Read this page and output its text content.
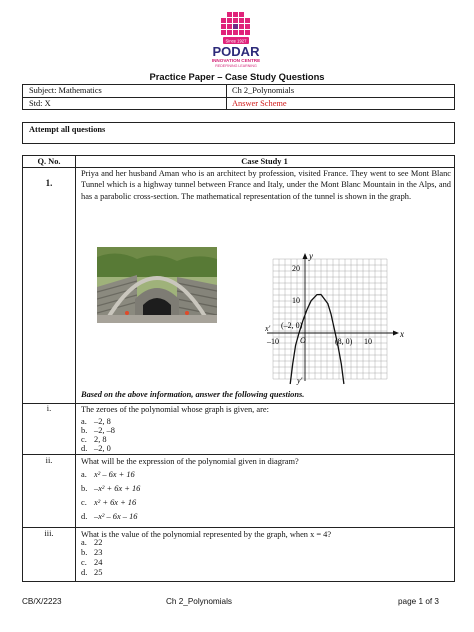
Since 1927
PODAR
INNOVATION CENTRE
REDEFINING LEARNING
Practice Paper – Case Study Questions
Subject: Mathematics	Ch 2_Polynomials
Std: X	Answer Scheme
Attempt all questions
Q. No.	Case Study 1
1.
Priya and her husband Aman who is an architect by profession, visited France. They went to see Mont Blanc Tunnel which is a highway tunnel between France and Italy, under the Mont Blanc Mountain in the Alps, and has a parabolic cross-section. The mathematical representation of the tunnel is shown in the graph.
Based on the above information, answer the following questions.
i.	The zeroes of the polynomial whose graph is given, are:
a. –2, 8
b. –2, –8
c. 2, 8
d. –2, 0
ii.	What will be the expression of the polynomial given in diagram?
a. x² – 6x + 16
b. –x² + 6x + 16
c. x² + 6x + 16
d. –x² – 6x – 16
iii.	What is the value of the polynomial represented by the graph, when x = 4?
a. 22
b. 23
c. 24
d. 25
y
y'
x
x'
O
20
10
–10	10
(–2, 0)
(8, 0)
CB/X/2223	Ch 2_Polynomials	page 1 of 3
